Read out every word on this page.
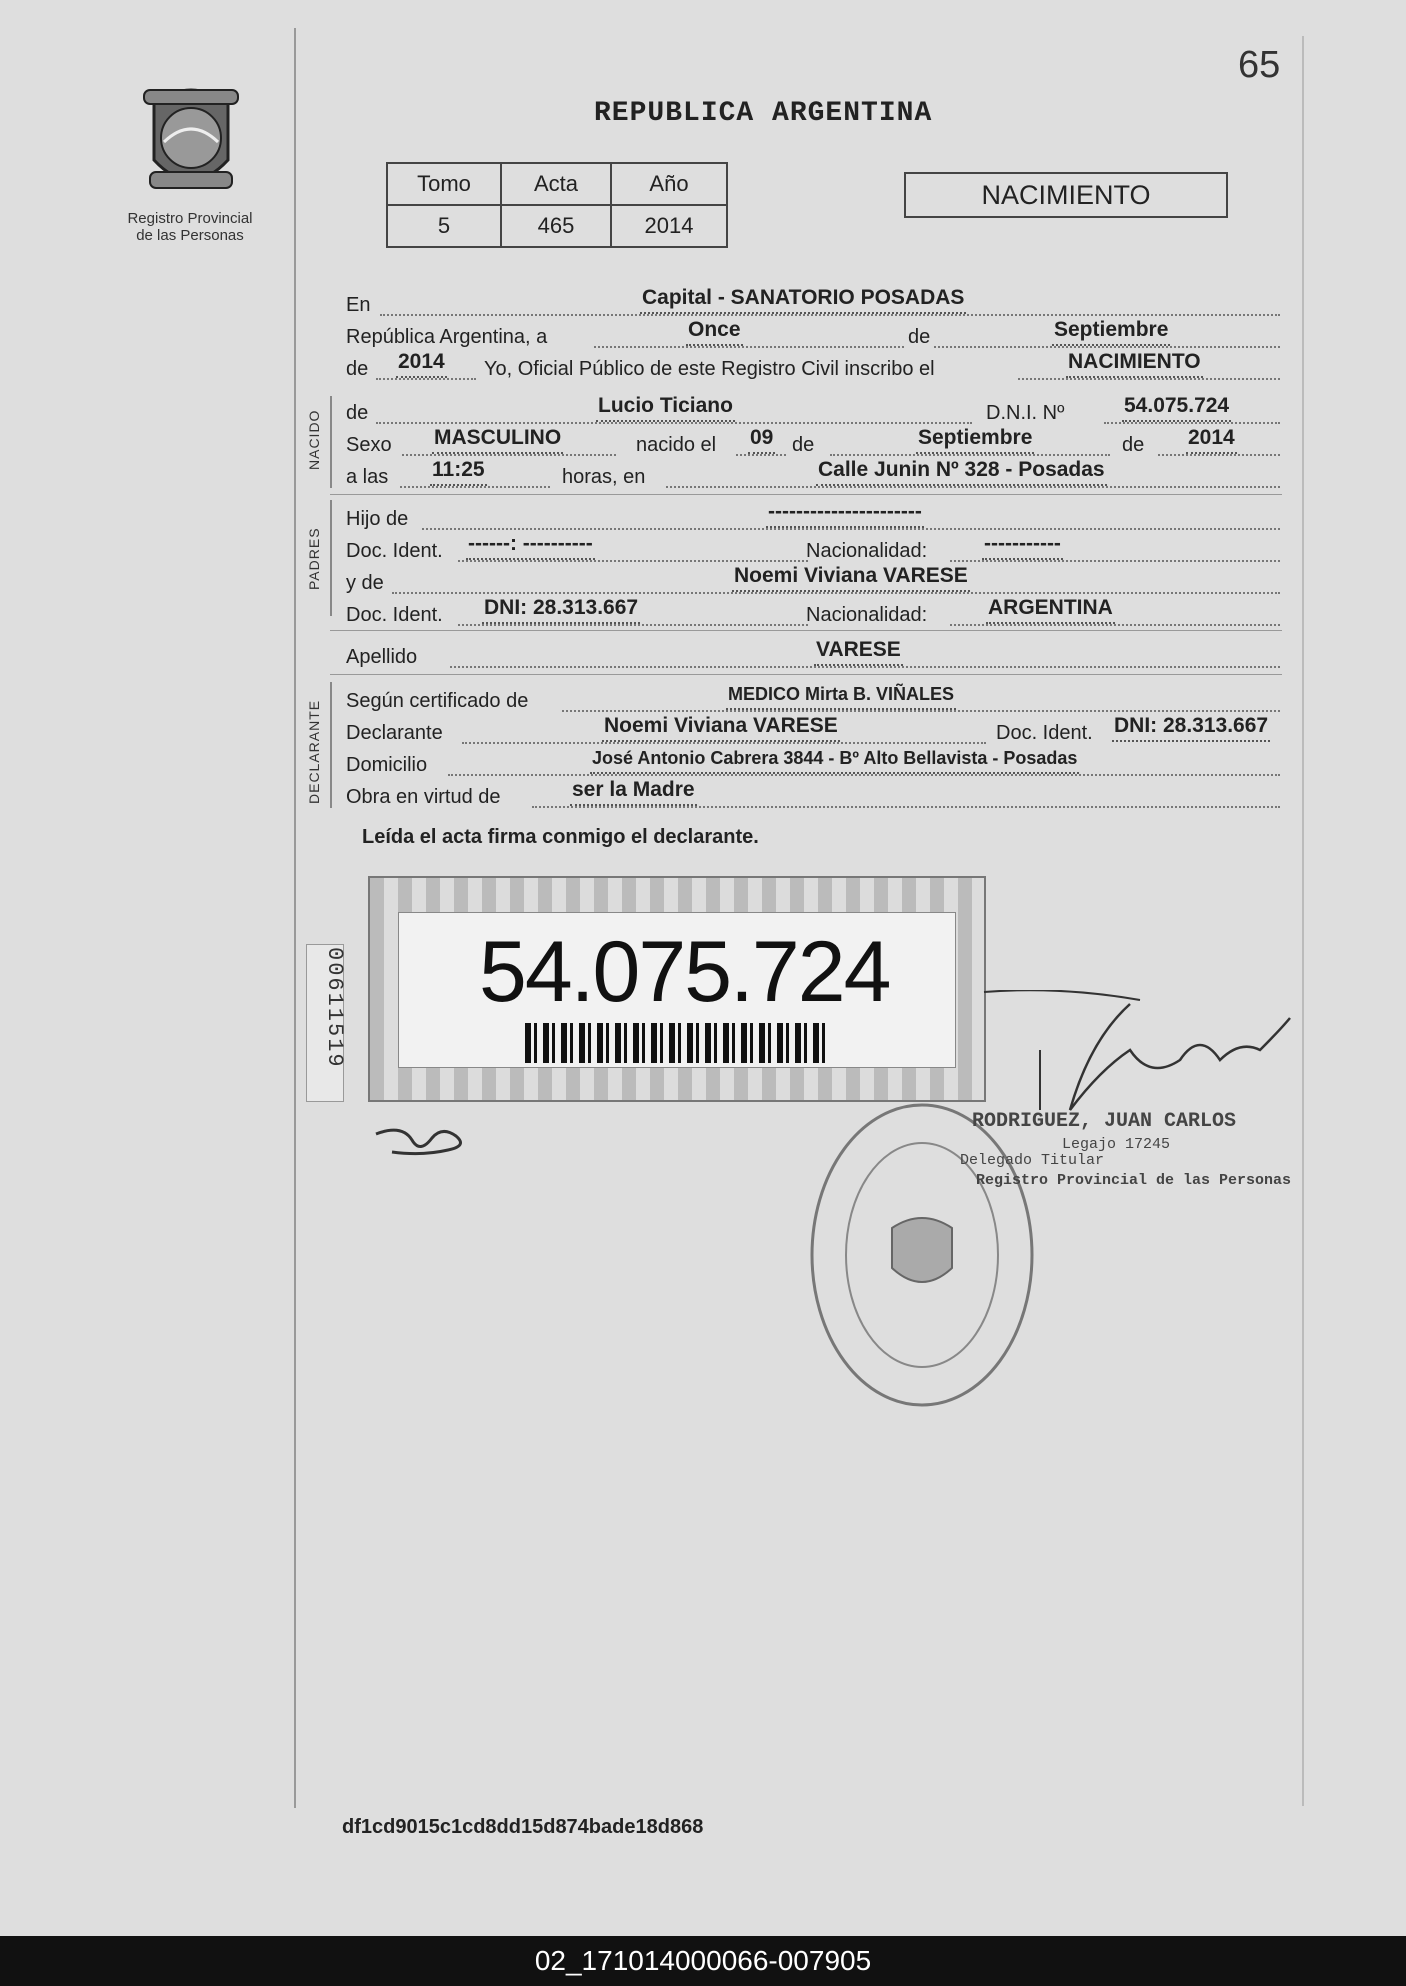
65
Registro Provincial
de las Personas
REPUBLICA ARGENTINA
Tomo	Acta	Año
5	465	2014
NACIMIENTO
En	Capital - SANATORIO POSADAS
República Argentina, a	Once	de	Septiembre
de 2014 Yo, Oficial Público de este Registro Civil inscribo el	NACIMIENTO
NACIDO de	Lucio Ticiano	D.N.I. Nº	54.075.724
Sexo MASCULINO	nacido el 09 de	Septiembre	de 2014
a las 11:25	horas, en	Calle Junin Nº 328 - Posadas
PADRES
Hijo de	----------------------
Doc. Ident. ------: ----------	Nacionalidad:	-----------
y de	Noemi Viviana VARESE
Doc. Ident. DNI: 28.313.667	Nacionalidad:	ARGENTINA
Apellido	VARESE
DECLARANTE Según certificado de	MEDICO Mirta B. VIÑALES
Declarante	Noemi Viviana VARESE	Doc. Ident. DNI: 28.313.667
Domicilio	José Antonio Cabrera 3844 - Bº Alto Bellavista - Posadas
Obra en virtud de	ser la Madre
Leída el acta firma conmigo el declarante.
54.075.724
00611519
RODRIGUEZ, JUAN CARLOS
Legajo 17245
Delegado Titular
Registro Provincial de las Personas
df1cd9015c1cd8dd15d874bade18d868
02_171014000066-007905
